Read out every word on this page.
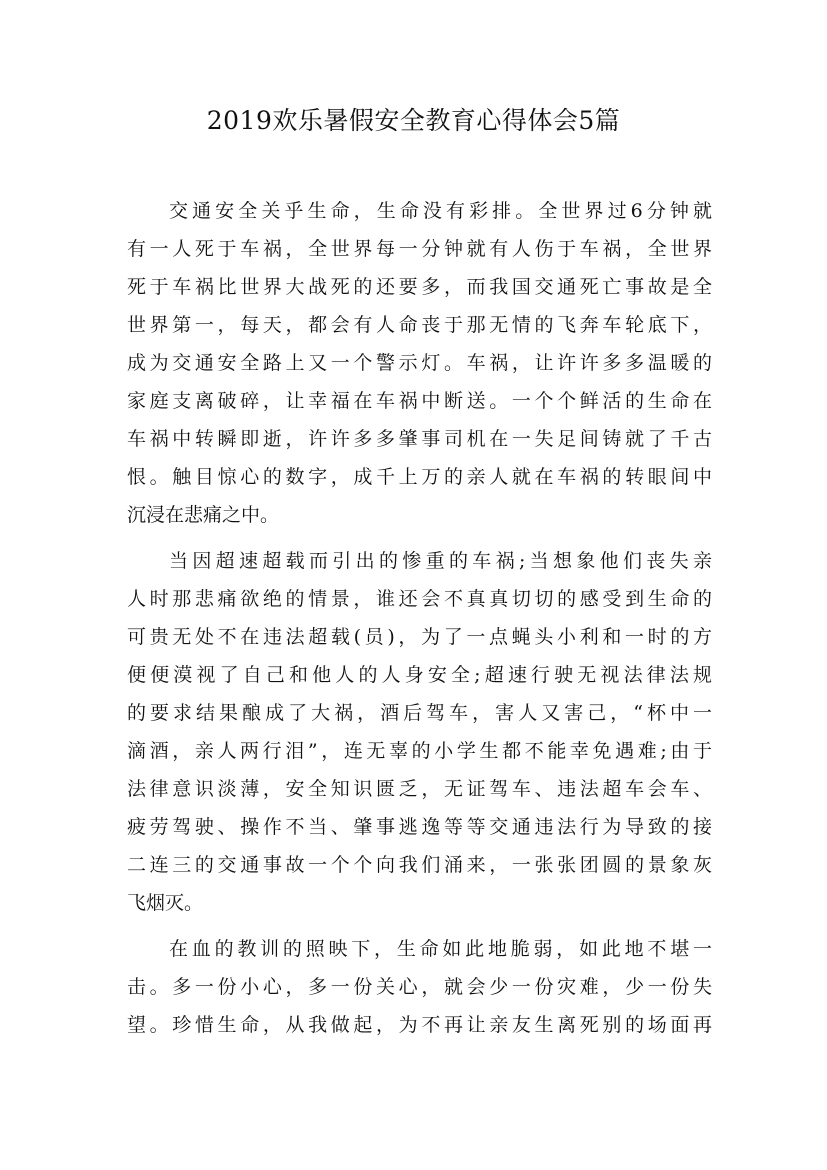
2019欢乐暑假安全教育心得体会5篇
交通安全关乎生命，生命没有彩排。全世界过6分钟就
有一人死于车祸，全世界每一分钟就有人伤于车祸，全世界
死于车祸比世界大战死的还要多，而我国交通死亡事故是全
世界第一，每天，都会有人命丧于那无情的飞奔车轮底下，
成为交通安全路上又一个警示灯。车祸，让许许多多温暖的
家庭支离破碎，让幸福在车祸中断送。一个个鲜活的生命在
车祸中转瞬即逝，许许多多肇事司机在一失足间铸就了千古
恨。触目惊心的数字，成千上万的亲人就在车祸的转眼间中
沉浸在悲痛之中。
当因超速超载而引出的惨重的车祸;当想象他们丧失亲
人时那悲痛欲绝的情景，谁还会不真真切切的感受到生命的
可贵无处不在违法超载(员)，为了一点蝇头小利和一时的方
便便漠视了自己和他人的人身安全;超速行驶无视法律法规
的要求结果酿成了大祸，酒后驾车，害人又害己，“杯中一
滴酒，亲人两行泪”，连无辜的小学生都不能幸免遇难;由于
法律意识淡薄，安全知识匮乏，无证驾车、违法超车会车、
疲劳驾驶、操作不当、肇事逃逸等等交通违法行为导致的接
二连三的交通事故一个个向我们涌来，一张张团圆的景象灰
飞烟灭。
在血的教训的照映下，生命如此地脆弱，如此地不堪一
击。多一份小心，多一份关心，就会少一份灾难，少一份失
望。珍惜生命，从我做起，为不再让亲友生离死别的场面再
